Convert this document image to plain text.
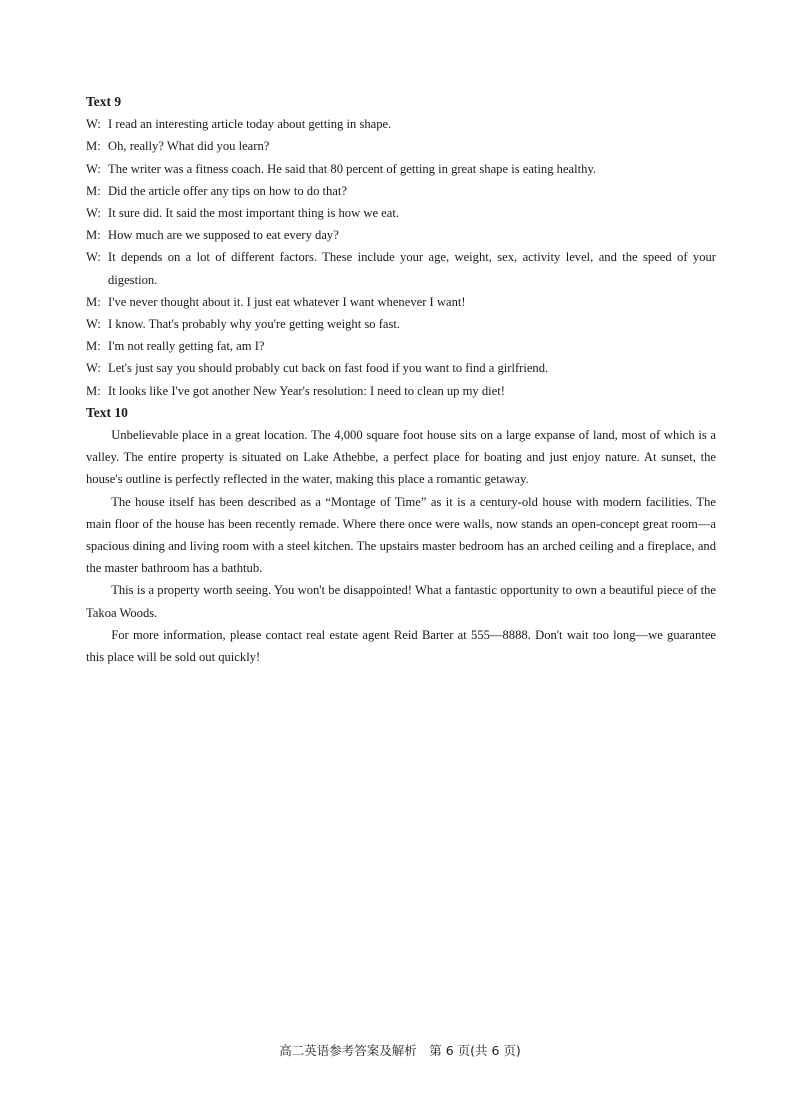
Text 9
W: I read an interesting article today about getting in shape.
M: Oh, really? What did you learn?
W: The writer was a fitness coach. He said that 80 percent of getting in great shape is eating healthy.
M: Did the article offer any tips on how to do that?
W: It sure did. It said the most important thing is how we eat.
M: How much are we supposed to eat every day?
W: It depends on a lot of different factors. These include your age, weight, sex, activity level, and the speed of your digestion.
M: I've never thought about it. I just eat whatever I want whenever I want!
W: I know. That's probably why you're getting weight so fast.
M: I'm not really getting fat, am I?
W: Let's just say you should probably cut back on fast food if you want to find a girlfriend.
M: It looks like I've got another New Year's resolution: I need to clean up my diet!
Text 10

Unbelievable place in a great location. The 4,000 square foot house sits on a large expanse of land, most of which is a valley. The entire property is situated on Lake Athebbe, a perfect place for boating and just enjoy nature. At sunset, the house's outline is perfectly reflected in the water, making this place a romantic getaway.

The house itself has been described as a “Montage of Time” as it is a century-old house with modern facilities. The main floor of the house has been recently remade. Where there once were walls, now stands an open-concept great room—a spacious dining and living room with a steel kitchen. The upstairs master bedroom has an arched ceiling and a fireplace, and the master bathroom has a bathtub.

This is a property worth seeing. You won't be disappointed! What a fantastic opportunity to own a beautiful piece of the Takoa Woods.

For more information, please contact real estate agent Reid Barter at 555—8888. Don't wait too long—we guarantee this place will be sold out quickly!

高二英语参考答案及解析　第 6 页(共 6 页)
